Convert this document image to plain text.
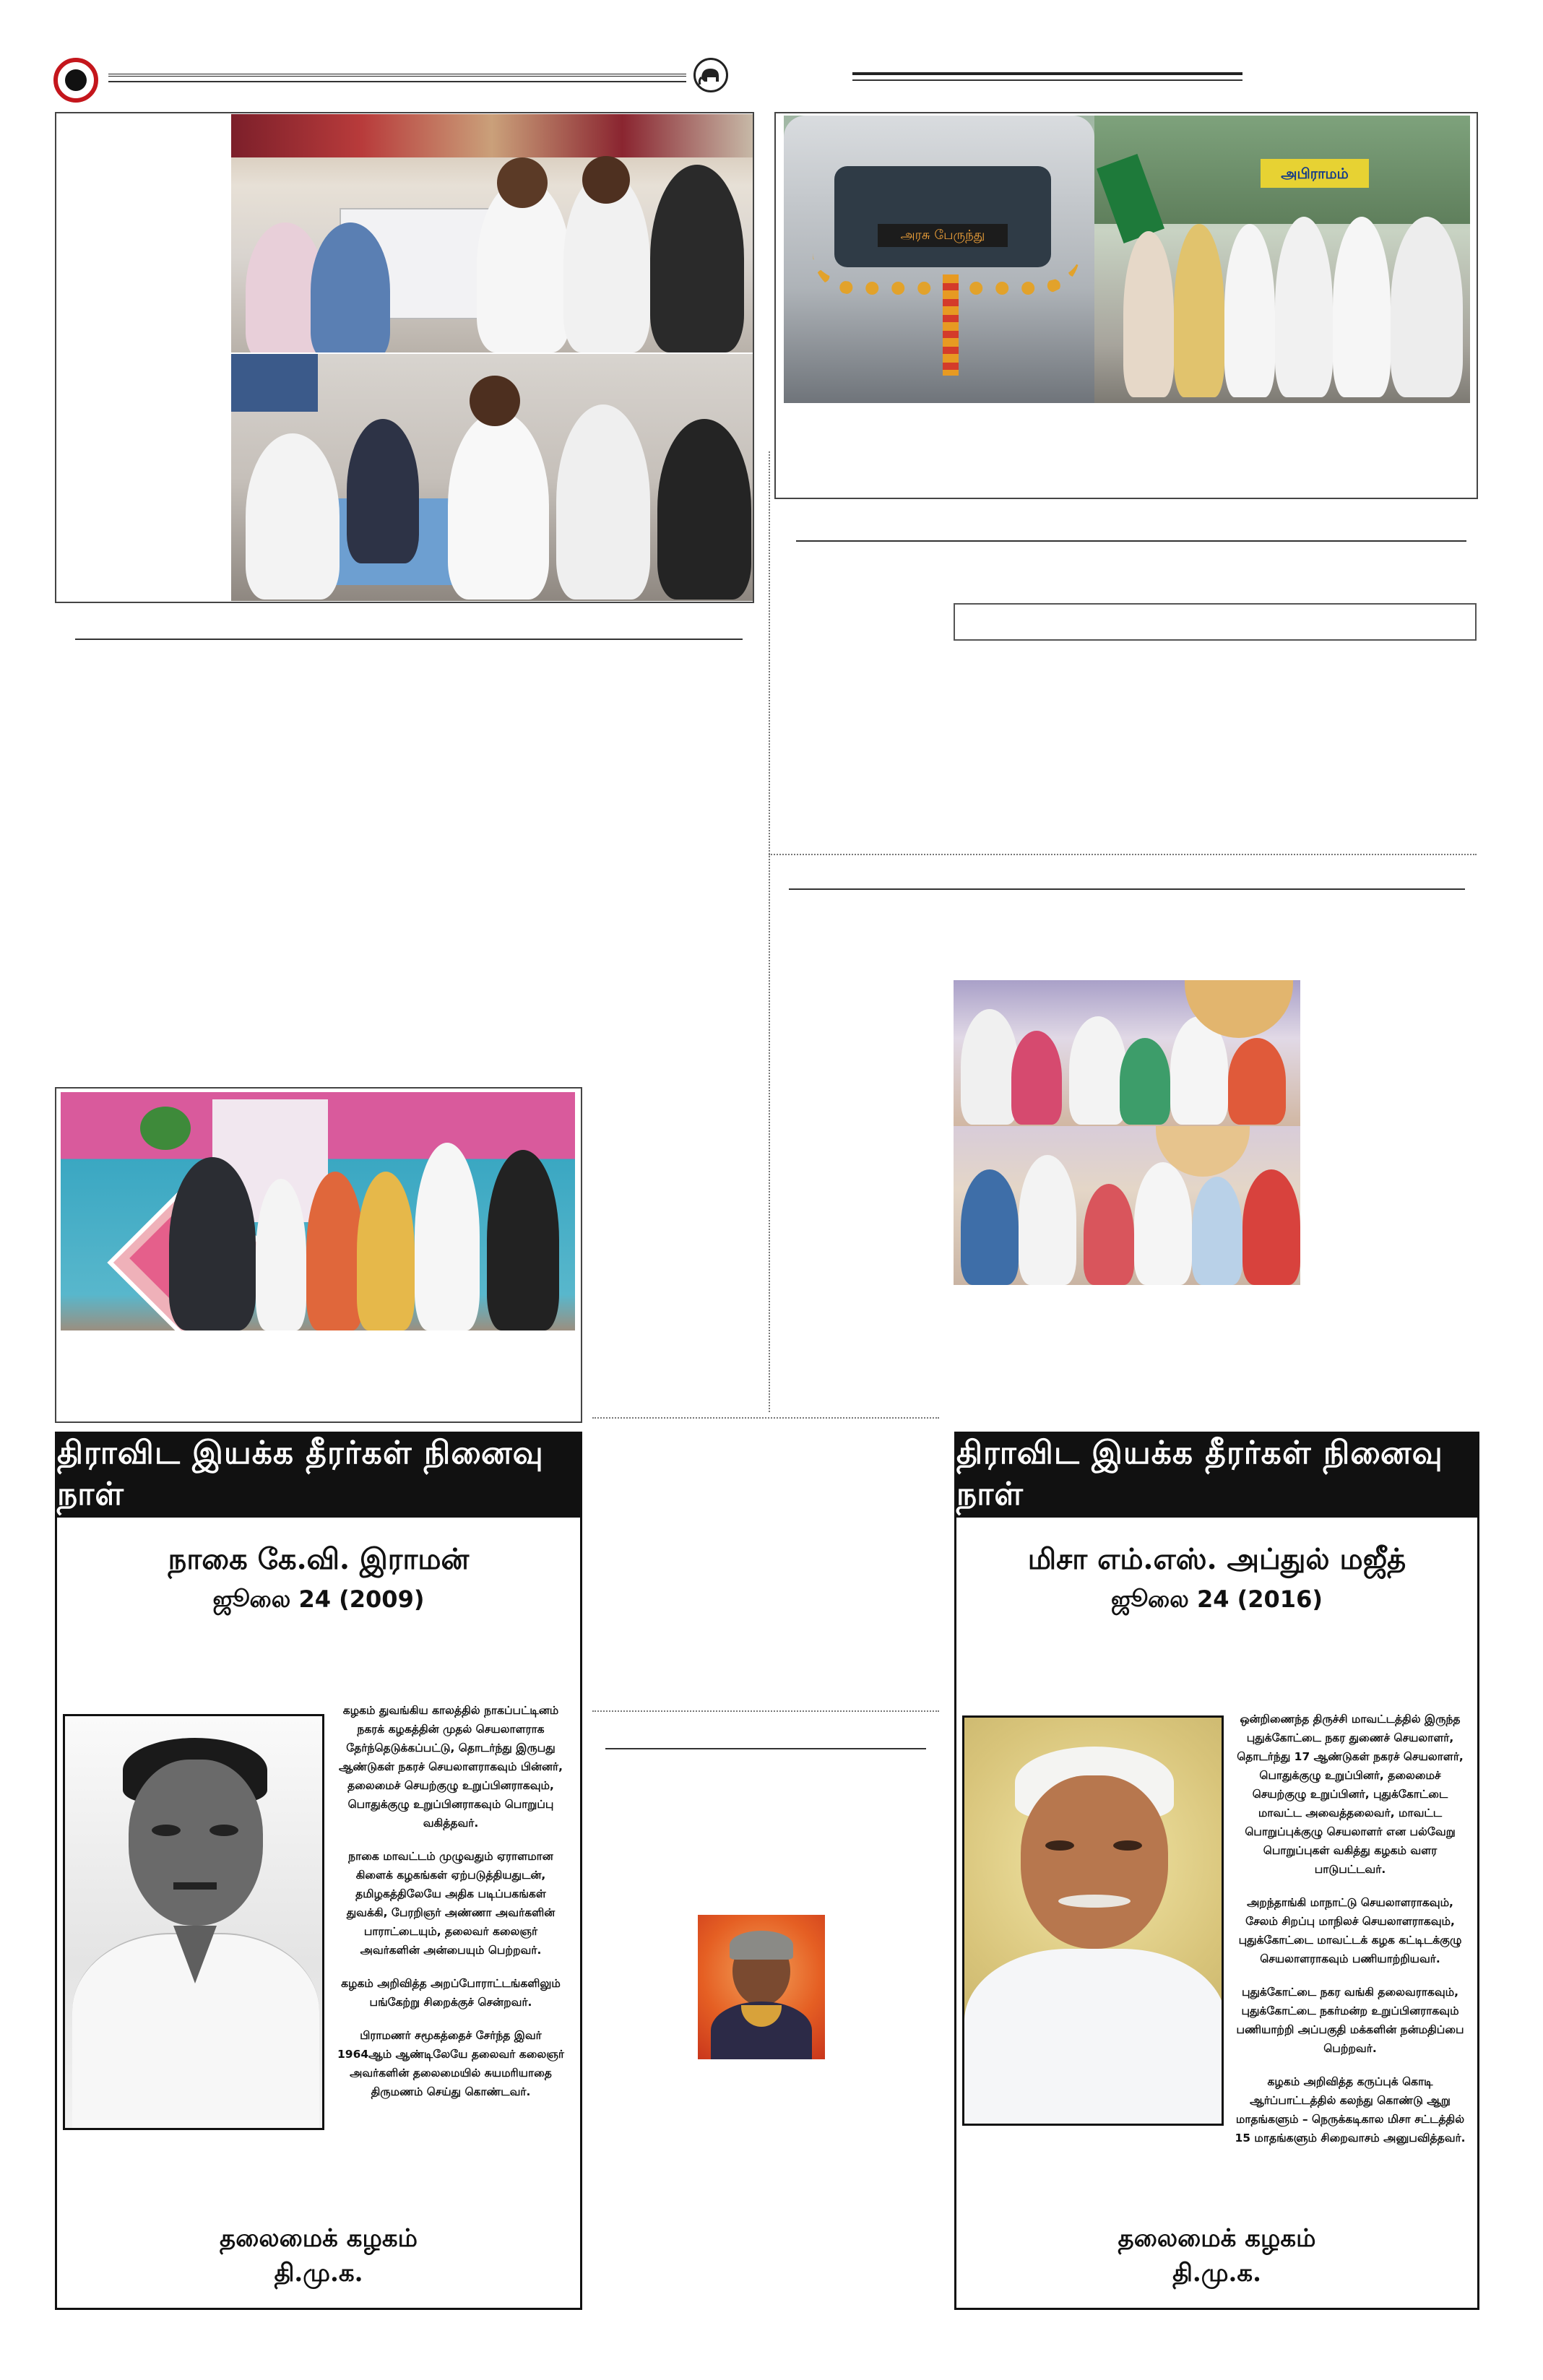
அரசு பேருந்து
அபிராமம்
திராவிட இயக்க தீரர்கள் நினைவு நாள்
நாகை கே.வி. இராமன்
ஜூலை 24 (2009)

கழகம் துவங்கிய காலத்தில் நாகப்பட்டினம் நகரக் கழகத்தின் முதல் செயலாளராக தேர்ந்தெடுக்கப்பட்டு, தொடர்ந்து இருபது ஆண்டுகள் நகரச் செயலாளராகவும் பின்னர், தலைமைச் செயற்குழு உறுப்பினராகவும், பொதுக்குழு உறுப்பினராகவும் பொறுப்பு வகித்தவர்.

நாகை மாவட்டம் முழுவதும் ஏராளமான கிளைக் கழகங்கள் ஏற்படுத்தியதுடன், தமிழகத்திலேயே அதிக படிப்பகங்கள் துவக்கி, பேரறிஞர் அண்ணா அவர்களின் பாராட்டையும், தலைவர் கலைஞர் அவர்களின் அன்பையும் பெற்றவர்.

கழகம் அறிவித்த அறப்போராட்டங்களிலும் பங்கேற்று சிறைக்குச் சென்றவர்.

பிராமணர் சமூகத்தைச் சேர்ந்த இவர் 1964ஆம் ஆண்டிலேயே தலைவர் கலைஞர் அவர்களின் தலைமையில் சுயமரியாதை திருமணம் செய்து கொண்டவர்.

தலைமைக் கழகம்
தி.மு.க.
திராவிட இயக்க தீரர்கள் நினைவு நாள்
மிசா எம்.எஸ். அப்துல் மஜீத்
ஜூலை 24 (2016)

ஒன்றிணைந்த திருச்சி மாவட்டத்தில் இருந்த புதுக்கோட்டை நகர துணைச் செயலாளர், தொடர்ந்து 17 ஆண்டுகள் நகரச் செயலாளர், பொதுக்குழு உறுப்பினர், தலைமைச் செயற்குழு உறுப்பினர், புதுக்கோட்டை மாவட்ட அவைத்தலைவர், மாவட்ட பொறுப்புக்குழு செயலாளர் என பல்வேறு பொறுப்புகள் வகித்து கழகம் வளர பாடுபட்டவர்.

அறந்தாங்கி மாநாட்டு செயலாளராகவும், சேலம் சிறப்பு மாநிலச் செயலாளராகவும், புதுக்கோட்டை மாவட்டக் கழக கட்டிடக்குழு செயலாளராகவும் பணியாற்றியவர்.

புதுக்கோட்டை நகர வங்கி தலைவராகவும், புதுக்கோட்டை நகர்மன்ற உறுப்பினராகவும் பணியாற்றி அப்பகுதி மக்களின் நன்மதிப்பை பெற்றவர்.

கழகம் அறிவித்த கருப்புக் கொடி ஆர்ப்பாட்டத்தில் கலந்து கொண்டு ஆறு மாதங்களும் – நெருக்கடிகால மிசா சட்டத்தில் 15 மாதங்களும் சிறைவாசம் அனுபவித்தவர்.

தலைமைக் கழகம்
தி.மு.க.
